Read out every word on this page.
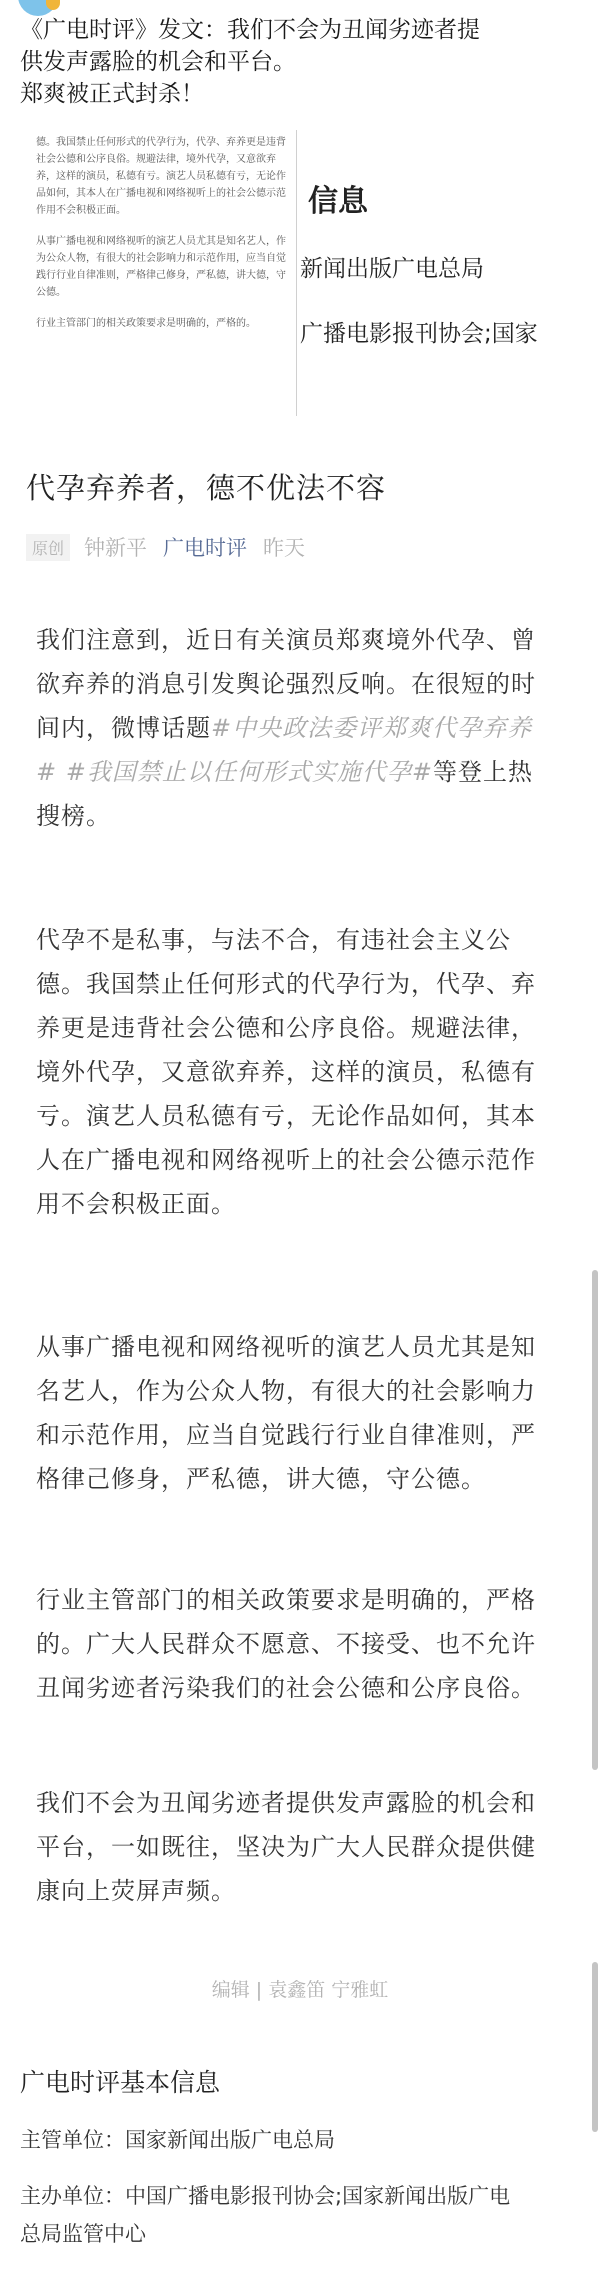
《广电时评》发文：我们不会为丑闻劣迹者提
供发声露脸的机会和平台。
郑爽被正式封杀！

德。我国禁止任何形式的代孕行为，代孕、弃养更是违背社会公德和公序良俗。规避法律，境外代孕，又意欲弃养，这样的演员，私德有亏。演艺人员私德有亏，无论作品如何，其本人在广播电视和网络视听上的社会公德示范作用不会积极正面。

从事广播电视和网络视听的演艺人员尤其是知名艺人，作为公众人物，有很大的社会影响力和示范作用，应当自觉践行行业自律准则，严格律己修身，严私德，讲大德，守公德。

行业主管部门的相关政策要求是明确的，严格的。

信息
新闻出版广电总局
广播电影报刊协会;国家
代孕弃养者，德不优法不容
原创 钟新平 广电时评 昨天
我们注意到，近日有关演员郑爽境外代孕、曾
欲弃养的消息引发舆论强烈反响。在很短的时
间内，微博话题#中央政法委评郑爽代孕弃养
# #我国禁止以任何形式实施代孕#等登上热
搜榜。
代孕不是私事，与法不合，有违社会主义公
德。我国禁止任何形式的代孕行为，代孕、弃
养更是违背社会公德和公序良俗。规避法律，
境外代孕，又意欲弃养，这样的演员，私德有
亏。演艺人员私德有亏，无论作品如何，其本
人在广播电视和网络视听上的社会公德示范作
用不会积极正面。
从事广播电视和网络视听的演艺人员尤其是知
名艺人，作为公众人物，有很大的社会影响力
和示范作用，应当自觉践行行业自律准则，严
格律己修身，严私德，讲大德，守公德。
行业主管部门的相关政策要求是明确的，严格
的。广大人民群众不愿意、不接受、也不允许
丑闻劣迹者污染我们的社会公德和公序良俗。
我们不会为丑闻劣迹者提供发声露脸的机会和
平台，一如既往，坚决为广大人民群众提供健
康向上荧屏声频。
编辑 | 袁鑫笛 宁雅虹
广电时评基本信息
主管单位：国家新闻出版广电总局
主办单位：中国广播电影报刊协会;国家新闻出版广电
总局监管中心
